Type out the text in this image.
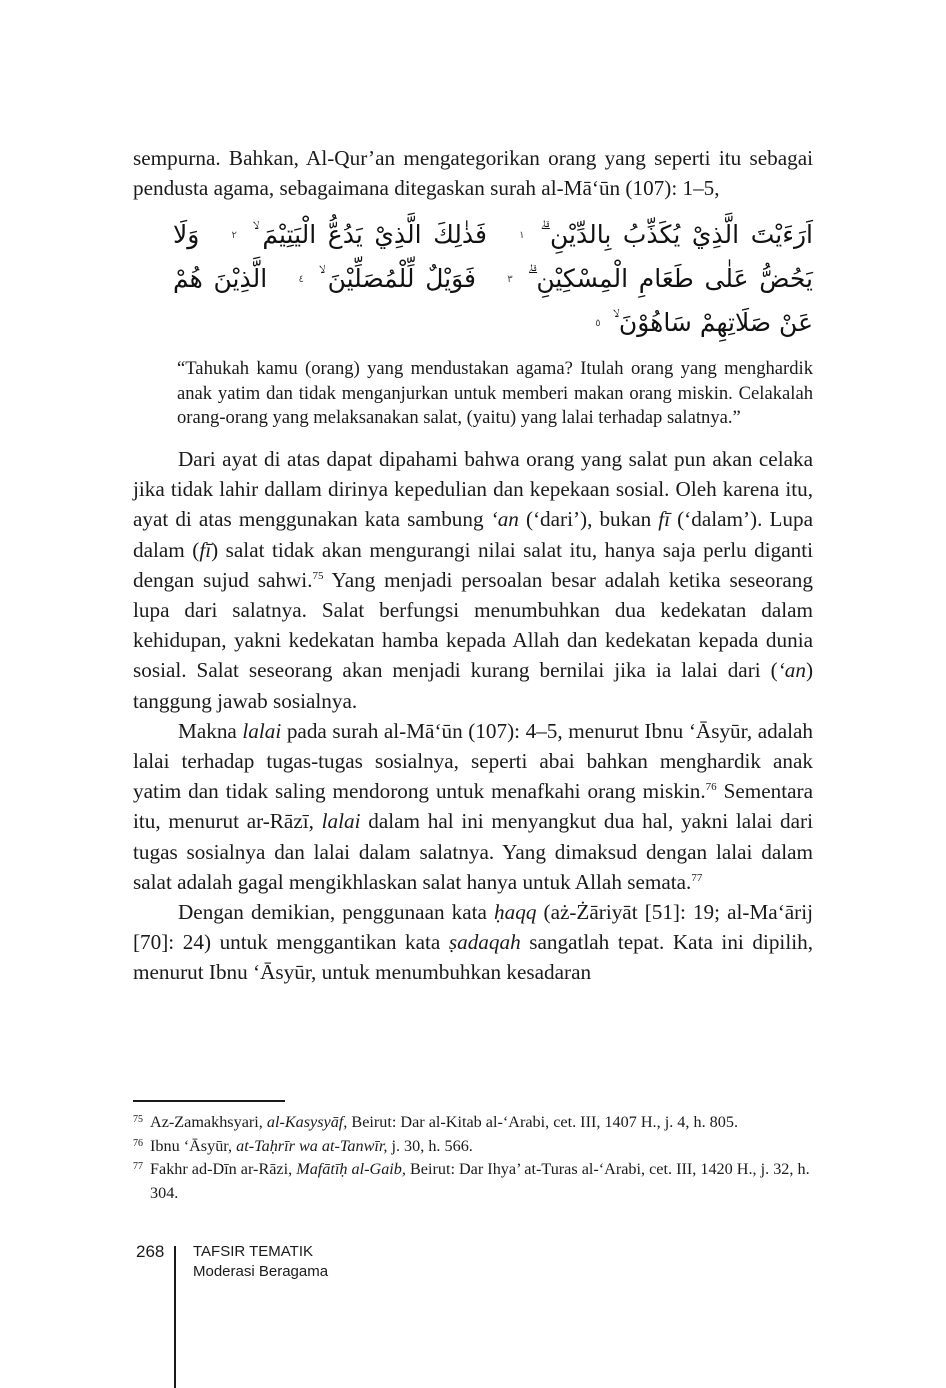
sempurna. Bahkan, Al-Qur’an mengategorikan orang yang seperti itu sebagai pendusta agama, sebagaimana ditegaskan surah al-Mā‘ūn (107): 1–5,

اَرَءَيْتَ الَّذِيْ يُكَذِّبُ بِالدِّيْنِ ۗ ١ فَذٰلِكَ الَّذِيْ يَدُعُّ الْيَتِيْمَ ۙ ٢ وَلَا يَحُضُّ عَلٰى طَعَامِ الْمِسْكِيْنِ ۗ ٣ فَوَيْلٌ لِّلْمُصَلِّيْنَ ۙ ٤ الَّذِيْنَ هُمْ عَنْ صَلَاتِهِمْ سَاهُوْنَ ۙ ٥

“Tahukah kamu (orang) yang mendustakan agama? Itulah orang yang menghardik anak yatim dan tidak menganjurkan untuk memberi makan orang miskin. Celakalah orang-orang yang melaksanakan salat, (yaitu) yang lalai terhadap salatnya.”

Dari ayat di atas dapat dipahami bahwa orang yang salat pun akan celaka jika tidak lahir dallam dirinya kepedulian dan kepekaan sosial. Oleh karena itu, ayat di atas menggunakan kata sambung ‘an (‘dari’), bukan fī (‘dalam’). Lupa dalam (fī) salat tidak akan mengurangi nilai salat itu, hanya saja perlu diganti dengan sujud sahwi.$^{75}$ Yang menjadi persoalan besar adalah ketika seseorang lupa dari salatnya. Salat berfungsi menumbuhkan dua kedekatan dalam kehidupan, yakni kedekatan hamba kepada Allah dan kedekatan kepada dunia sosial. Salat seseorang akan menjadi kurang bernilai jika ia lalai dari (‘an) tanggung jawab sosialnya.

Makna lalai pada surah al-Mā‘ūn (107): 4–5, menurut Ibnu ‘Āsyūr, adalah lalai terhadap tugas-tugas sosialnya, seperti abai bahkan menghardik anak yatim dan tidak saling mendorong untuk menafkahi orang miskin.$^{76}$ Sementara itu, menurut ar-Rāzī, lalai dalam hal ini menyangkut dua hal, yakni lalai dari tugas sosialnya dan lalai dalam salatnya. Yang dimaksud dengan lalai dalam salat adalah gagal mengikhlaskan salat hanya untuk Allah semata.$^{77}$

Dengan demikian, penggunaan kata ḥaqq (aż-Żāriyāt [51]: 19; al-Ma‘ārij [70]: 24) untuk menggantikan kata ṣadaqah sangatlah tepat. Kata ini dipilih, menurut Ibnu ‘Āsyūr, untuk menumbuhkan kesadaran

75 Az-Zamakhsyari, al-Kasysyāf, Beirut: Dar al-Kitab al-‘Arabi, cet. III, 1407 H., j. 4, h. 805.
76 Ibnu ‘Āsyūr, at-Taḥrīr wa at-Tanwīr, j. 30, h. 566.
77 Fakhr ad-Dīn ar-Rāzi, Mafātīḥ al-Gaib, Beirut: Dar Ihya’ at-Turas al-‘Arabi, cet. III, 1420 H., j. 32, h. 304.
268 TAFSIR TEMATIK
Moderasi Beragama
